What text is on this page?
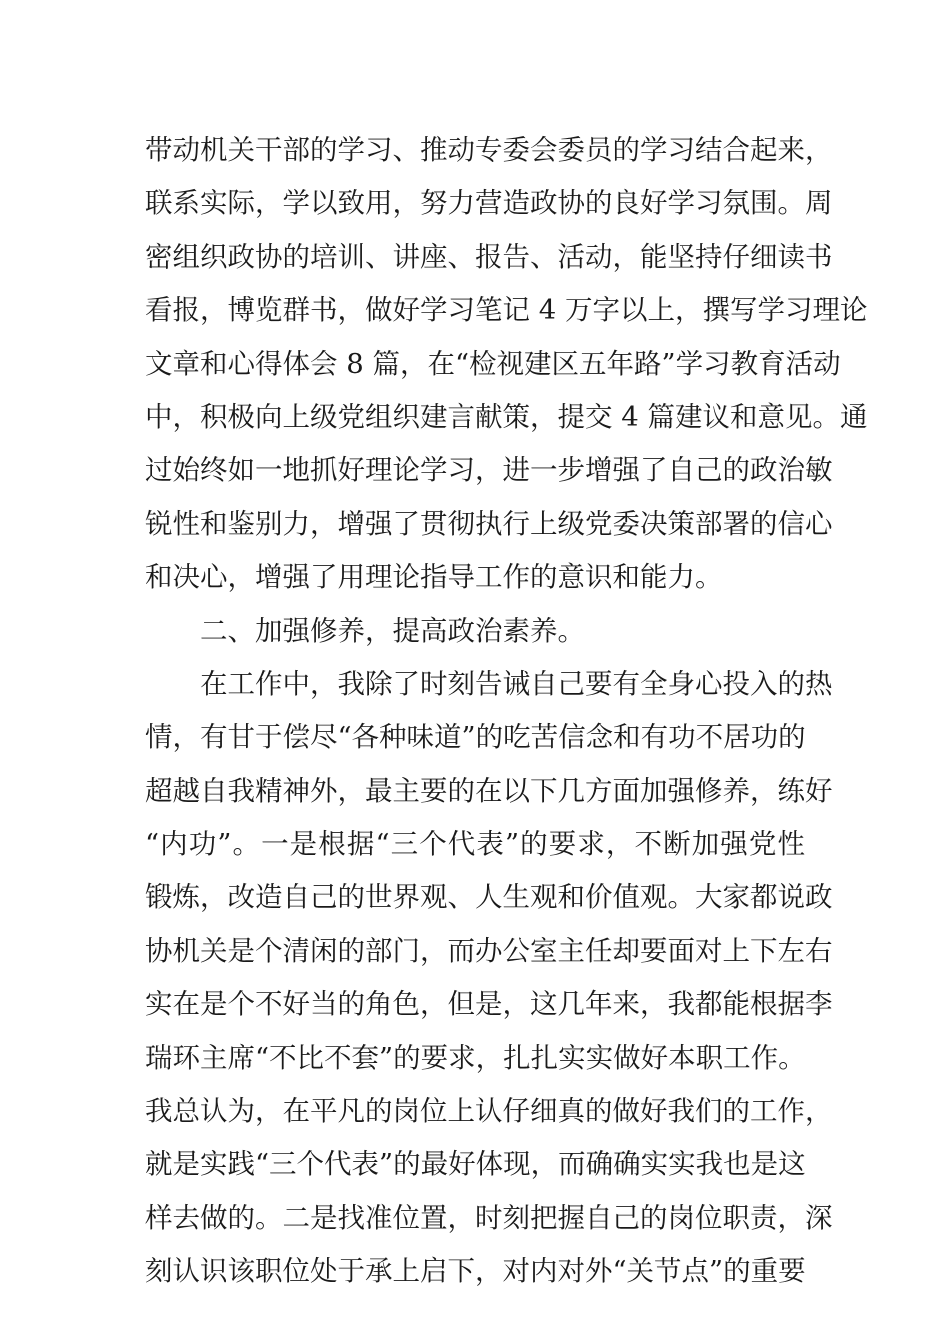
带动机关干部的学习、推动专委会委员的学习结合起来，
联系实际，学以致用，努力营造政协的良好学习氛围。周
密组织政协的培训、讲座、报告、活动，能坚持仔细读书
看报，博览群书，做好学习笔记 4 万字以上，撰写学习理论
文章和心得体会 8 篇，在“检视建区五年路”学习教育活动
中，积极向上级党组织建言献策，提交 4 篇建议和意见。通
过始终如一地抓好理论学习，进一步增强了自己的政治敏
锐性和鉴别力，增强了贯彻执行上级党委决策部署的信心
和决心，增强了用理论指导工作的意识和能力。
二、加强修养，提高政治素养。
在工作中，我除了时刻告诫自己要有全身心投入的热
情，有甘于偿尽“各种味道”的吃苦信念和有功不居功的
超越自我精神外，最主要的在以下几方面加强修养，练好
“内功”。一是根据“三个代表”的要求，不断加强党性
锻炼，改造自己的世界观、人生观和价值观。大家都说政
协机关是个清闲的部门，而办公室主任却要面对上下左右
实在是个不好当的角色，但是，这几年来，我都能根据李
瑞环主席“不比不套”的要求，扎扎实实做好本职工作。
我总认为，在平凡的岗位上认仔细真的做好我们的工作，
就是实践“三个代表”的最好体现，而确确实实我也是这
样去做的。二是找准位置，时刻把握自己的岗位职责，深
刻认识该职位处于承上启下，对内对外“关节点”的重要
